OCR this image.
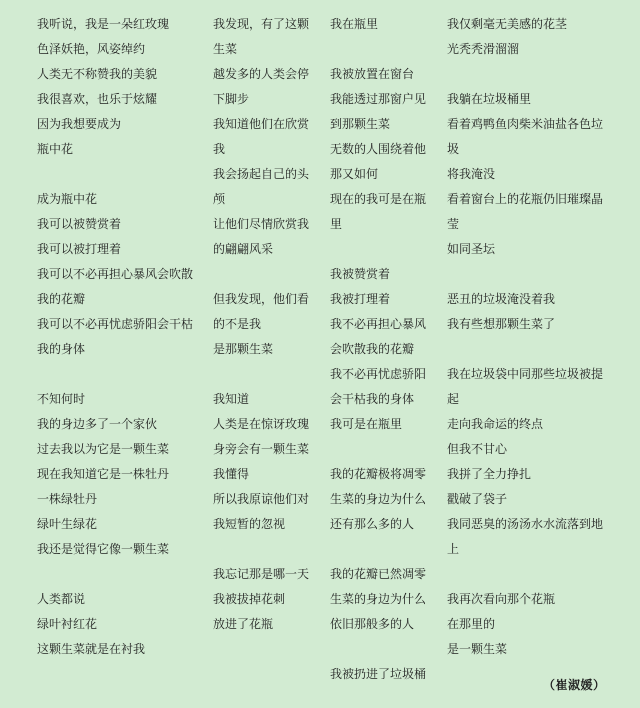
我听说，我是一朵红玫瑰
色泽妖艳，风姿绰约
人类无不称赞我的美貌
我很喜欢，也乐于炫耀
因为我想要成为
瓶中花
成为瓶中花
我可以被赞赏着
我可以被打理着
我可以不必再担心暴风会吹散
我的花瓣
我可以不必再忧虑骄阳会干枯
我的身体
不知何时
我的身边多了一个家伙
过去我以为它是一颗生菜
现在我知道它是一株牡丹
一株绿牡丹
绿叶生绿花
我还是觉得它像一颗生菜
人类都说
绿叶衬红花
这颗生菜就是在衬我
我发现，有了这颗
生菜
越发多的人类会停
下脚步
我知道他们在欣赏
我
我会扬起自己的头
颅
让他们尽情欣赏我
的翩翩风采
但我发现，他们看
的不是我
是那颗生菜
我知道
人类是在惊讶玫瑰
身旁会有一颗生菜
我懂得
所以我原谅他们对
我短暂的忽视
我忘记那是哪一天
我被拔掉花刺
放进了花瓶
我在瓶里
我被放置在窗台
我能透过那窗户见
到那颗生菜
无数的人围绕着他
那又如何
现在的我可是在瓶
里
我被赞赏着
我被打理着
我不必再担心暴风
会吹散我的花瓣
我不必再忧虑骄阳
会干枯我的身体
我可是在瓶里
我的花瓣极将凋零
生菜的身边为什么
还有那么多的人
我的花瓣已然凋零
生菜的身边为什么
依旧那般多的人
我被扔进了垃圾桶
我仅剩毫无美感的花茎
光秃秃滑溜溜
我躺在垃圾桶里
看着鸡鸭鱼肉柴米油盐各色垃
圾
将我淹没
看着窗台上的花瓶仍旧璀璨晶
莹
如同圣坛
恶丑的垃圾淹没着我
我有些想那颗生菜了
我在垃圾袋中同那些垃圾被提
起
走向我命运的终点
但我不甘心
我拼了全力挣扎
戳破了袋子
我同恶臭的汤汤水水流落到地
上
我再次看向那个花瓶
在那里的
是一颗生菜
（崔淑媛）
